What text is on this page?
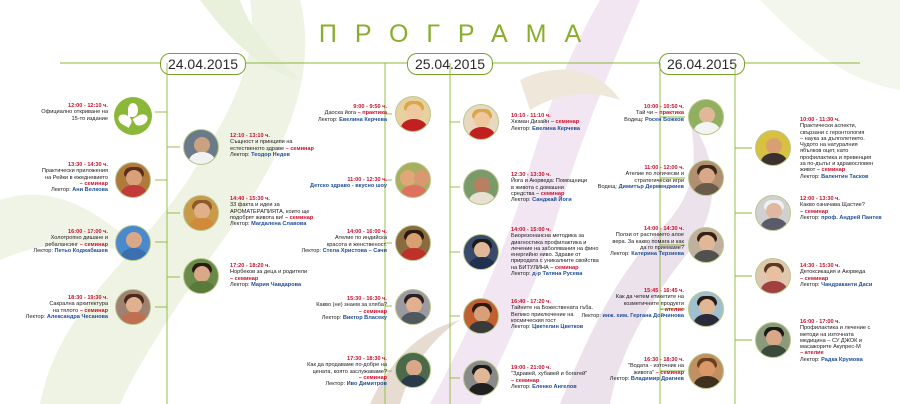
ПРОГРАМА
24.04.2015	25.04.2015	26.04.2015
12:00 - 12:10 ч.
Официално откриване на
15-то издание
12:10 - 13:10 ч.
Същност и принципи на
естественото здраве – семинар
Лектор: Теодор Недев
13:30 - 14:30 ч.
Практически приложения
на Рейки в ежедневието
– семинар
Лектор: Ани Велкова
14:40 - 15:30 ч.
33 факта и идеи за
АРОМАТЕРАПИЯТА, които ще
подобрят живота ви! – семинар
Лектор: Магдалена Славова
16:00 - 17:00 ч.
Холотропно дишане и
ребалансинг – семинар
Лектор: Петьо Коджабашев
17:20 - 18:20 ч.
Норбеков за деца и родители
– семинар
Лектор: Мария Чавдарова
18:30 - 19:30 ч.
Сакрална архитектура
на тялото – семинар
Лектор: Александра Чесанова
9:00 - 9:50 ч.
Даоска йога – практика
Лектор: Евелина Керчева
11:00 - 12:30 ч.
Детско здраво - вкусно шоу
14:00 - 16:00 ч.
Ателие по индийска
красота и женственост.
Лектор: Стела Христова – Сачи
15:30 - 16:30 ч.
Какво (не) знаем за хляба?
– семинар
Лектор: Виктор Власеку
17:30 - 18:30 ч.
Как да продаваме по-добре на
цената, която заслужаваме?
– семинар
Лектор: Иво Димитров
10:10 - 11:10 ч.
Хюман Дизайн – семинар
Лектор: Евелина Керчева
12:30 - 13:30 ч.
Йога и Аюрведа: Помощници
в живота с домашни
средства – семинар
Лектор: Санджай Йоги
14:00 - 15:00 ч.
Биорезонансна методика за
диагностика профилактика и
лечение на заболявания на фино
енергийно ниво. Здраве от
природата с уникалните свойства
на БИТУЛИНА – семинар
Лектор: д-р Татяна Русева
16:40 - 17:20 ч.
Тайните на Божествената гъба.
Велико приключение на
космическия гост
Лектор: Цветелин Цветков
19:00 - 21:00 ч.
"Здравей, хубавей и богатей"
– семинар
Лектор: Еленко Ангелов
10:00 - 10:50 ч.
Тай чи – практика
Водещ: Росен Божков
11:00 - 12:00 ч.
Ателие по логически и
стратегически игри
Водещ: Димитър Дерменджиев
14:00 - 14:30 ч.
Ползи от растението алое
вера. За какво помага и как
да го приемаме?
Лектор: Катерина Терзиева
15:45 - 16:45 ч.
Как да четем етикетите на
козметичните продукти
– ателие
Лектор: инж. хим. Гергана Дойчинова
16:30 - 18:30 ч.
"Водата - източник на
живота" – семинар
Лектор: Владимир Драгиев
10:00 - 11:30 ч.
Практически аспекти,
свързани с геронтология
– наука за дълголетието.
Чудото на натуралния
ябълков оцет, като
профилактика и превенция
за по-дълъг и здравословен
живот – семинар
Лектор: Валентин Тасков
12:00 - 13:30 ч.
Какво означава Щастие?
– семинар
Лектор: проф. Андрей Пантев
14:30 - 15:30 ч.
Детоксикация и Аюрведа
– семинар
Лектор: Чандраканти Даси
16:00 - 17:00 ч.
Профилактика и лечение с
методи на източната
медицина – СУ ДЖОК и
масажорите Акупрес-М
– ателие
Лектор: Радка Крумова
